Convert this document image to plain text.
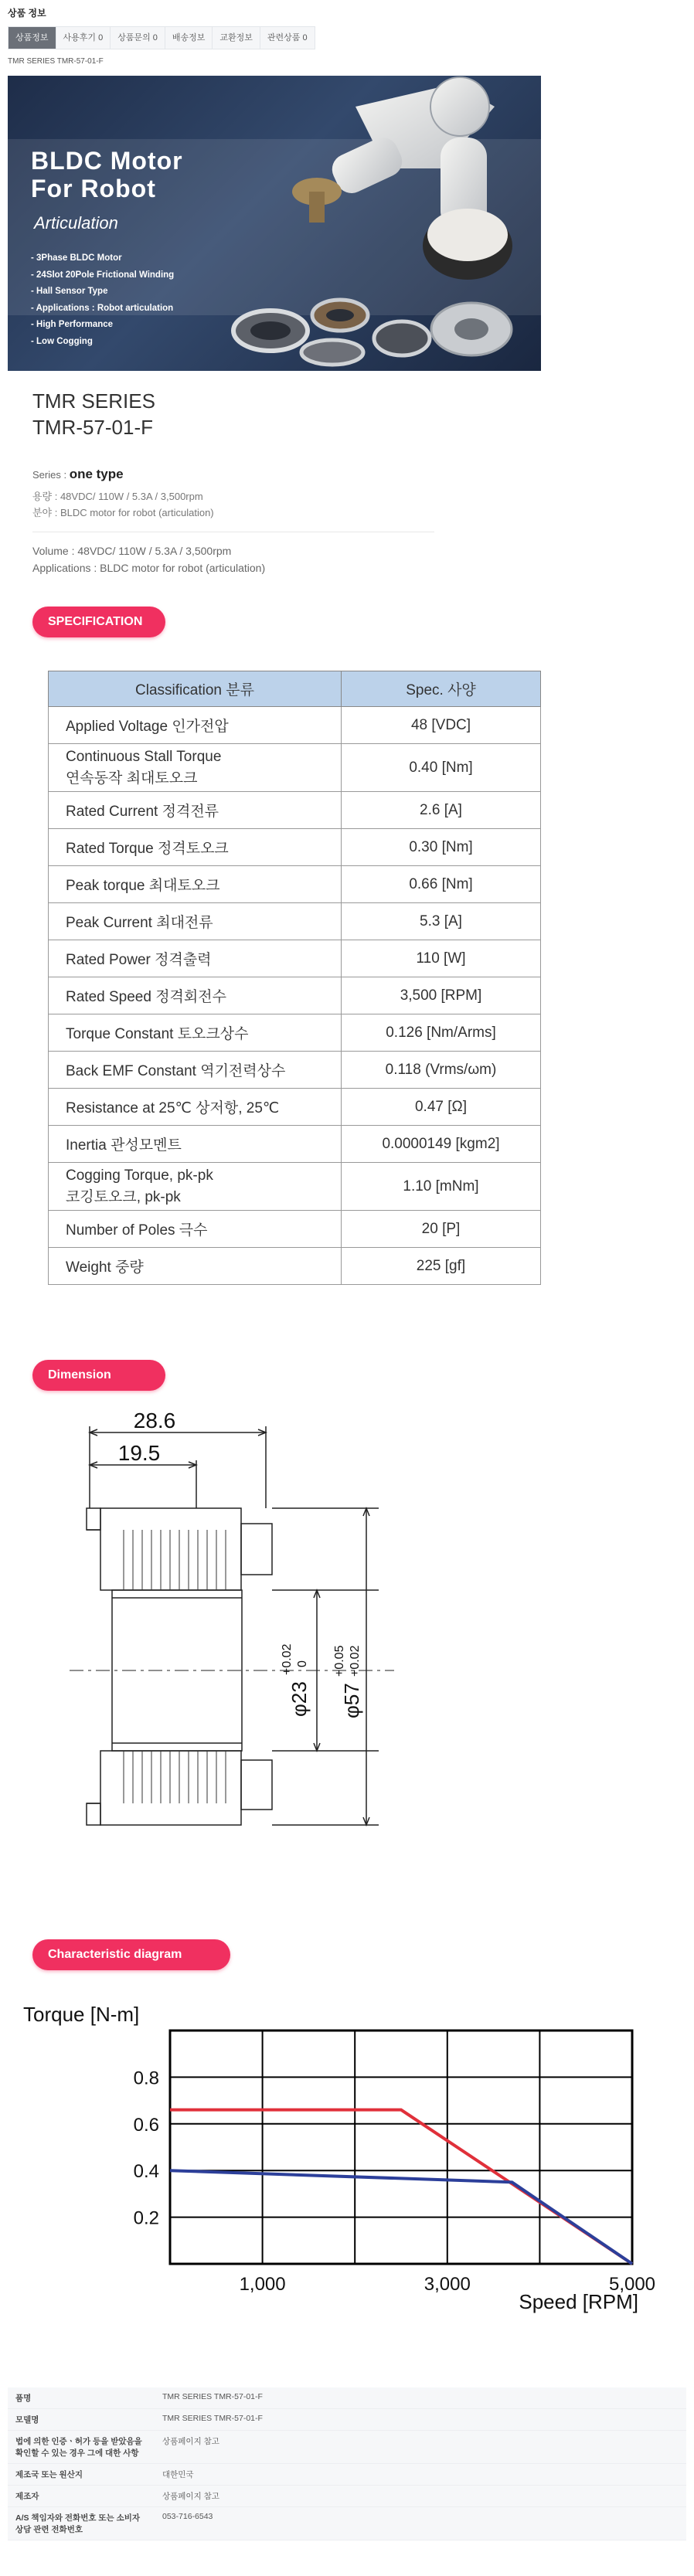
상품 정보
상품정보	사용후기 0	상품문의 0	배송정보	교환정보	관련상품 0
TMR SERIES TMR-57-01-F
BLDC Motor
For Robot
Articulation
- 3Phase BLDC Motor
- 24Slot 20Pole Frictional Winding
- Hall Sensor Type
- Applications : Robot articulation
- High Performance
- Low Cogging
TMR SERIES
TMR-57-01-F
Series : one type
용량 : 48VDC/ 110W / 5.3A / 3,500rpm
분야 : BLDC motor for robot (articulation)
Volume : 48VDC/ 110W / 5.3A / 3,500rpm
Applications : BLDC motor for robot (articulation)
SPECIFICATION
Classification 분류	Spec. 사양
Applied Voltage 인가전압	48 [VDC]

Continuous Stall Torque
연속동작 최대토오크	0.40 [Nm]
Rated Current 정격전류	2.6 [A]
Rated Torque 정격토오크	0.30 [Nm]
Peak torque 최대토오크	0.66 [Nm]
Peak Current 최대전류	5.3 [A]
Rated Power 정격출력	110 [W]
Rated Speed 정격회전수	3,500 [RPM]
Torque Constant 토오크상수	0.126 [Nm/Arms]
Back EMF Constant 역기전력상수	0.118 (Vrms/ωm)
Resistance at 25℃ 상저항, 25℃	0.47 [Ω]
Inertia 관성모멘트	0.0000149 [kgm2]

Cogging Torque, pk-pk
코깅토오크, pk-pk	1.10 [mNm]
Number of Poles 극수	20 [P]
Weight 중량	225 [gf]
Dimension
28.6
19.5
φ23
+0.02 0
φ57
+0.05 +0.02
Characteristic diagram
Torque [N-m]
Speed [RPM]
1,000	3,000	5,000
0.2
0.4
0.6
0.8
품명	TMR SERIES TMR-57-01-F
모델명	TMR SERIES TMR-57-01-F
법에 의한 인증ㆍ허가 등을 받았음을 확인할 수 있는 경우 그에 대한 사항	상품페이지 참고
제조국 또는 원산지	대한민국
제조자	상품페이지 참고
A/S 책임자와 전화번호 또는 소비자상담 관련 전화번호	053-716-6543
